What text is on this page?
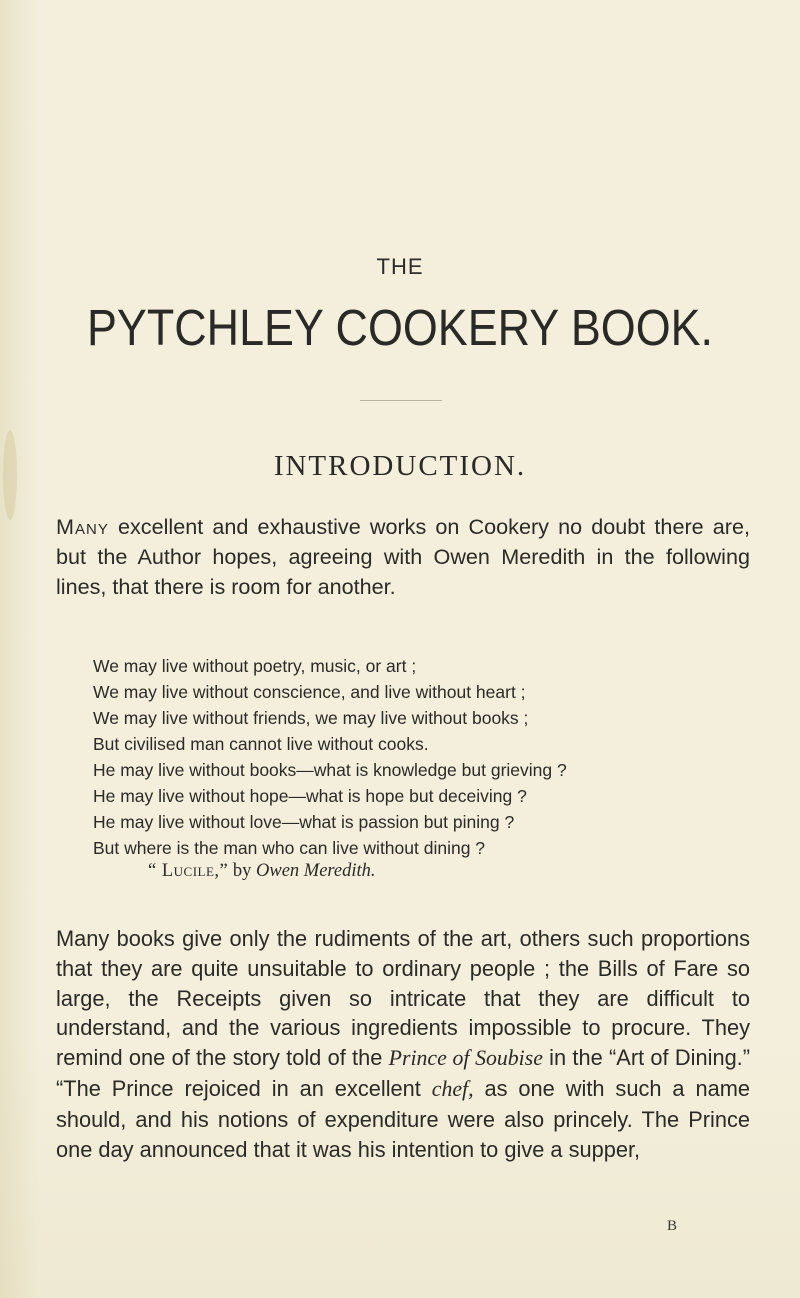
THE
PYTCHLEY COOKERY BOOK.
INTRODUCTION.

Many excellent and exhaustive works on Cookery no doubt there are, but the Author hopes, agreeing with Owen Meredith in the following lines, that there is room for another.

We may live without poetry, music, or art ;
We may live without conscience, and live without heart ;
We may live without friends, we may live without books ;
But civilised man cannot live without cooks.
He may live without books—what is knowledge but grieving ?
He may live without hope—what is hope but deceiving ?
He may live without love—what is passion but pining ?
But where is the man who can live without dining ?
“ Lucile,” by Owen Meredith.

Many books give only the rudiments of the art, others such proportions that they are quite unsuitable to ordinary people ; the Bills of Fare so large, the Receipts given so intricate that they are difficult to understand, and the various ingredients impossible to procure. They remind one of the story told of the Prince of Soubise in the “Art of Dining.” “The Prince rejoiced in an excellent chef, as one with such a name should, and his notions of expenditure were also princely. The Prince one day announced that it was his intention to give a supper,

B
